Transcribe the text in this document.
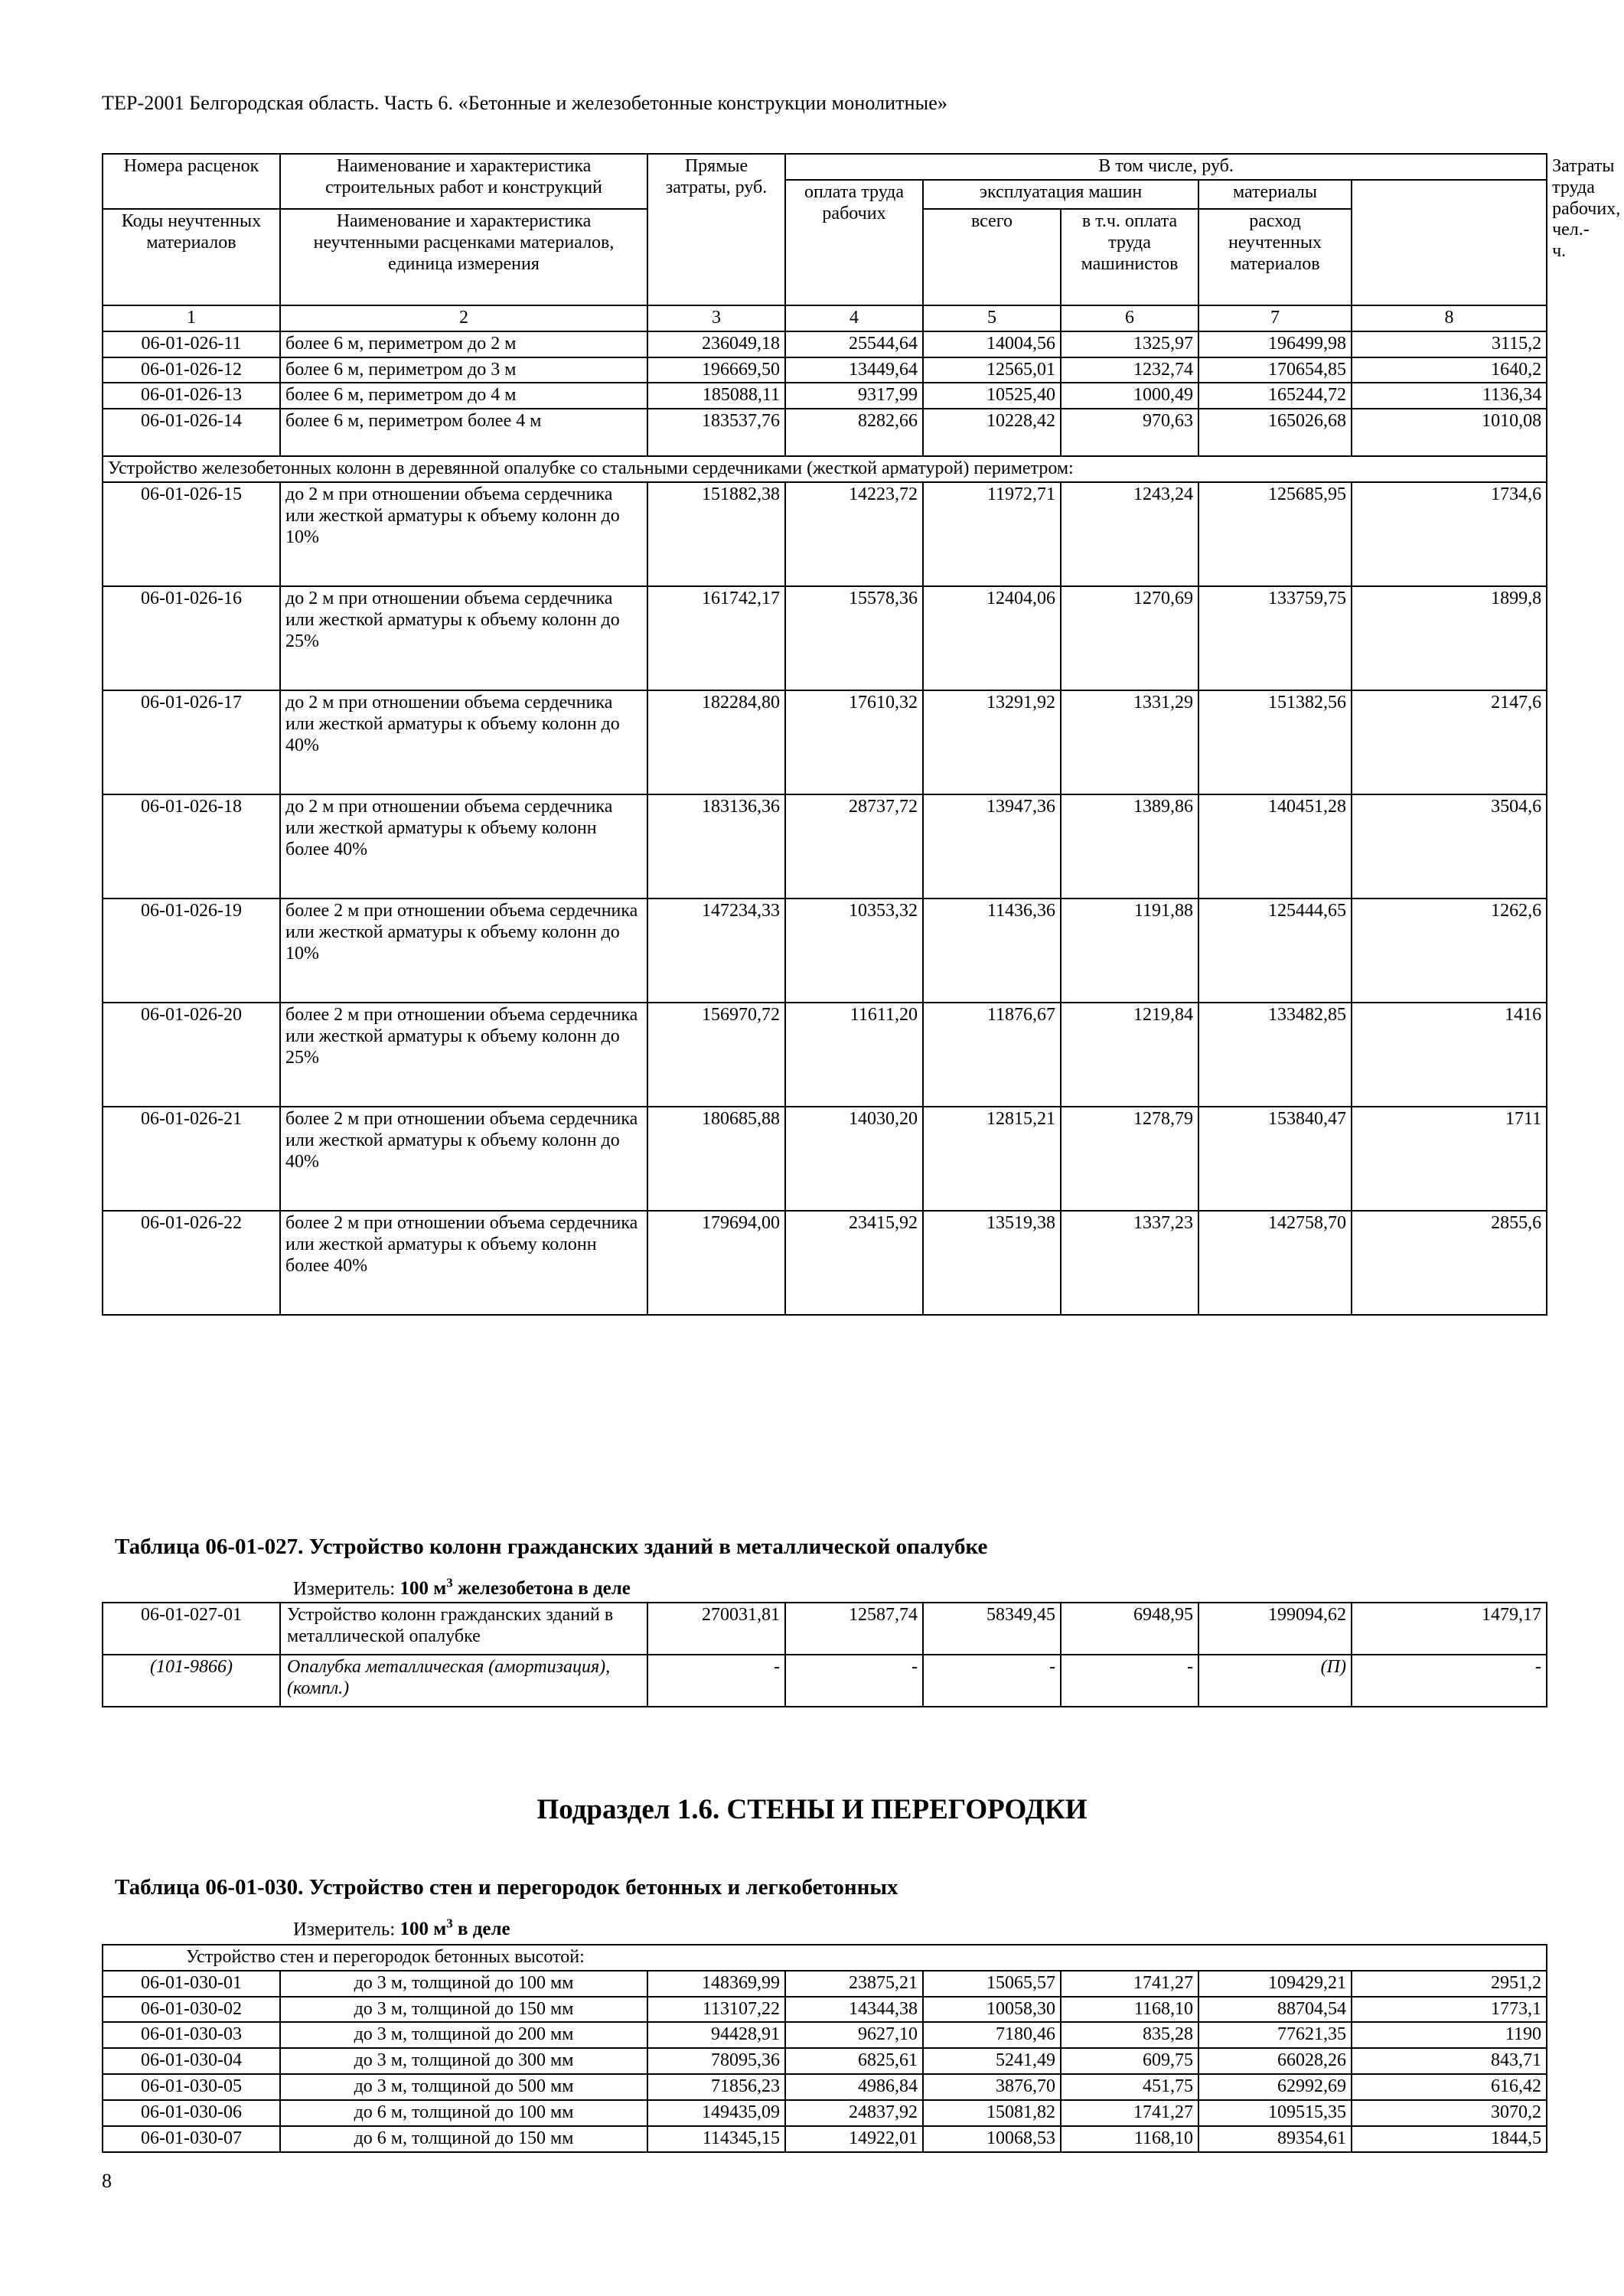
ТЕР-2001 Белгородская область. Часть 6. «Бетонные и железобетонные конструкции монолитные»
Номера расценок	Наименование и характеристика строительных работ и конструкций	Прямые затраты, руб.	В том числе, руб.					Затраты труда рабочих, чел.-ч.
			оплата труда рабочих	эксплуатация машин		материалы		
Коды неучтенных материалов	Наименование и характеристика неучтенными расценками материалов, единица измерения			всего	в т.ч. оплата труда машинистов			
						расход неучтенных материалов		
1	2	3	4	5	6	7	8	
06-01-026-11	более 6 м, периметром до 2 м	236049,18	25544,64	14004,56	1325,97	196499,98	3115,2	
06-01-026-12	более 6 м, периметром до 3 м	196669,50	13449,64	12565,01	1232,74	170654,85	1640,2	
06-01-026-13	более 6 м, периметром до 4 м	185088,11	9317,99	10525,40	1000,49	165244,72	1136,34	
06-01-026-14	более 6 м, периметром более 4 м	183537,76	8282,66	10228,42	970,63	165026,68	1010,08	
Устройство железобетонных колонн в деревянной опалубке со стальными сердечниками (жесткой арматурой) периметром:								
06-01-026-15	до 2 м при отношении объема сердечника или жесткой арматуры к объему колонн до 10%	151882,38	14223,72	11972,71	1243,24	125685,95	1734,6	
06-01-026-16	до 2 м при отношении объема сердечника или жесткой арматуры к объему колонн до 25%	161742,17	15578,36	12404,06	1270,69	133759,75	1899,8	
06-01-026-17	до 2 м при отношении объема сердечника или жесткой арматуры к объему колонн до 40%	182284,80	17610,32	13291,92	1331,29	151382,56	2147,6	
06-01-026-18	до 2 м при отношении объема сердечника или жесткой арматуры к объему колонн более 40%	183136,36	28737,72	13947,36	1389,86	140451,28	3504,6	
06-01-026-19	более 2 м при отношении объема сердечника или жесткой арматуры к объему колонн до 10%	147234,33	10353,32	11436,36	1191,88	125444,65	1262,6	
06-01-026-20	более 2 м при отношении объема сердечника или жесткой арматуры к объему колонн до 25%	156970,72	11611,20	11876,67	1219,84	133482,85	1416	
06-01-026-21	более 2 м при отношении объема сердечника или жесткой арматуры к объему колонн до 40%	180685,88	14030,20	12815,21	1278,79	153840,47	1711	
06-01-026-22	более 2 м при отношении объема сердечника или жесткой арматуры к объему колонн более 40%	179694,00	23415,92	13519,38	1337,23	142758,70	2855,6	
Таблица 06-01-027. Устройство колонн гражданских зданий в металлической опалубке
Измеритель: 100 $м^3$ железобетона в деле
06-01-027-01	Устройство колонн гражданских зданий в металлической опалубке	270031,81	12587,74	58349,45	6948,95	199094,62	1479,17
(101-9866)	Опалубка металлическая (амортизация), (компл.)	-	-	-	-	(П)	-
Подраздел 1.6. СТЕНЫ И ПЕРЕГОРОДКИ
Таблица 06-01-030. Устройство стен и перегородок бетонных и легкобетонных
Измеритель: 100 $м^3$ в деле
Устройство стен и перегородок бетонных высотой:							
06-01-030-01	до 3 м, толщиной до 100 мм	148369,99	23875,21	15065,57	1741,27	109429,21	2951,2
06-01-030-02	до 3 м, толщиной до 150 мм	113107,22	14344,38	10058,30	1168,10	88704,54	1773,1
06-01-030-03	до 3 м, толщиной до 200 мм	94428,91	9627,10	7180,46	835,28	77621,35	1190
06-01-030-04	до 3 м, толщиной до 300 мм	78095,36	6825,61	5241,49	609,75	66028,26	843,71
06-01-030-05	до 3 м, толщиной до 500 мм	71856,23	4986,84	3876,70	451,75	62992,69	616,42
06-01-030-06	до 6 м, толщиной до 100 мм	149435,09	24837,92	15081,82	1741,27	109515,35	3070,2
06-01-030-07	до 6 м, толщиной до 150 мм	114345,15	14922,01	10068,53	1168,10	89354,61	1844,5
8
